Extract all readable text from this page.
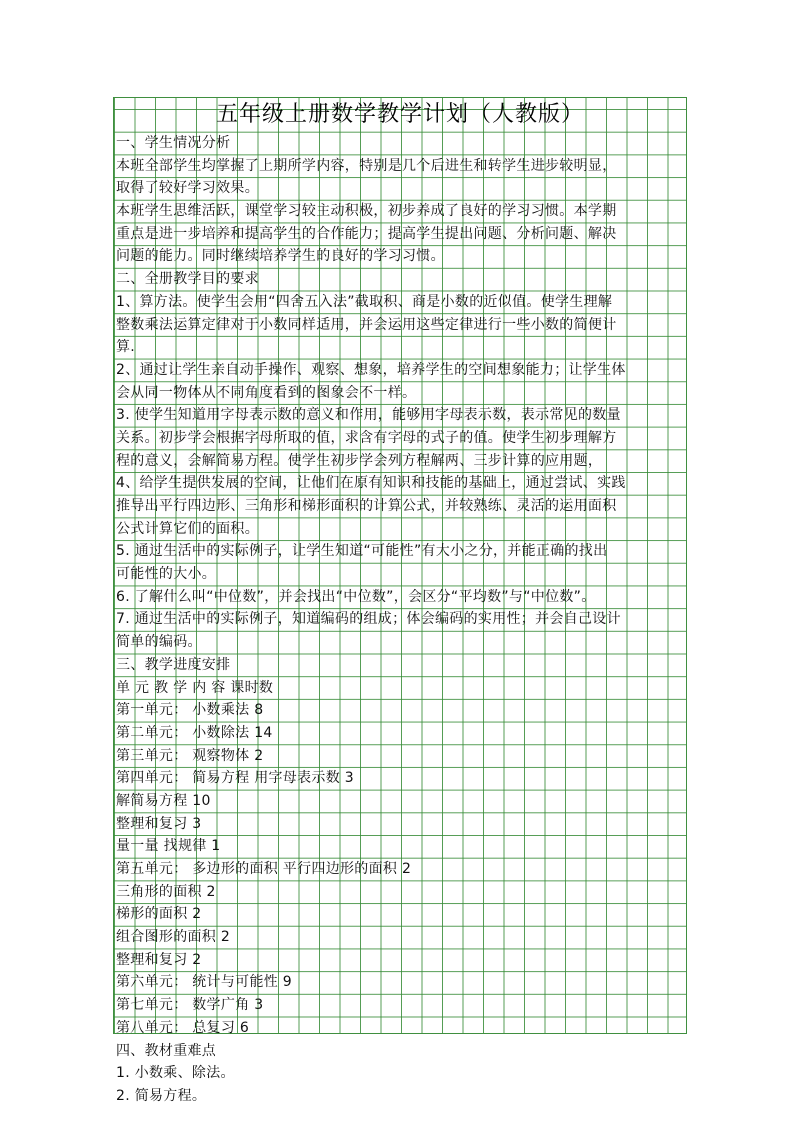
五年级上册数学教学计划（人教版）
一、学生情况分析
本班全部学生均掌握了上期所学内容，特别是几个后进生和转学生进步较明显，
取得了较好学习效果。
本班学生思维活跃，课堂学习较主动积极，初步养成了良好的学习习惯。本学期
重点是进一步培养和提高学生的合作能力；提高学生提出问题、分析问题、解决
问题的能力。同时继续培养学生的良好的学习习惯。
二、全册教学目的要求
1、算方法。使学生会用“四舍五入法”截取积、商是小数的近似值。使学生理解
整数乘法运算定律对于小数同样适用，并会运用这些定律进行一些小数的简便计
算.
2、通过让学生亲自动手操作、观察、想象，培养学生的空间想象能力；让学生体
会从同一物体从不同角度看到的图象会不一样。
3. 使学生知道用字母表示数的意义和作用，能够用字母表示数，表示常见的数量
关系。初步学会根据字母所取的值，求含有字母的式子的值。使学生初步理解方
程的意义，会解简易方程。使学生初步学会列方程解两、三步计算的应用题，
4、给学生提供发展的空间，让他们在原有知识和技能的基础上，通过尝试、实践
推导出平行四边形、三角形和梯形面积的计算公式，并较熟练、灵活的运用面积
公式计算它们的面积。
5. 通过生活中的实际例子，让学生知道“可能性”有大小之分，并能正确的找出
可能性的大小。
6. 了解什么叫“中位数”，并会找出“中位数”，会区分“平均数”与“中位数”。
7. 通过生活中的实际例子，知道编码的组成；体会编码的实用性；并会自己设计
简单的编码。
三、教学进度安排
单 元 教 学 内 容 课时数
第一单元： 小数乘法 8
第二单元： 小数除法 14
第三单元： 观察物体 2
第四单元： 简易方程 用字母表示数 3
解简易方程 10
整理和复习 3
量一量 找规律 1
第五单元： 多边形的面积 平行四边形的面积 2
三角形的面积 2
梯形的面积 2
组合图形的面积 2
整理和复习 2
第六单元： 统计与可能性 9
第七单元： 数学广角 3
第八单元： 总复习 6
四、教材重难点
1. 小数乘、除法。
2. 简易方程。
